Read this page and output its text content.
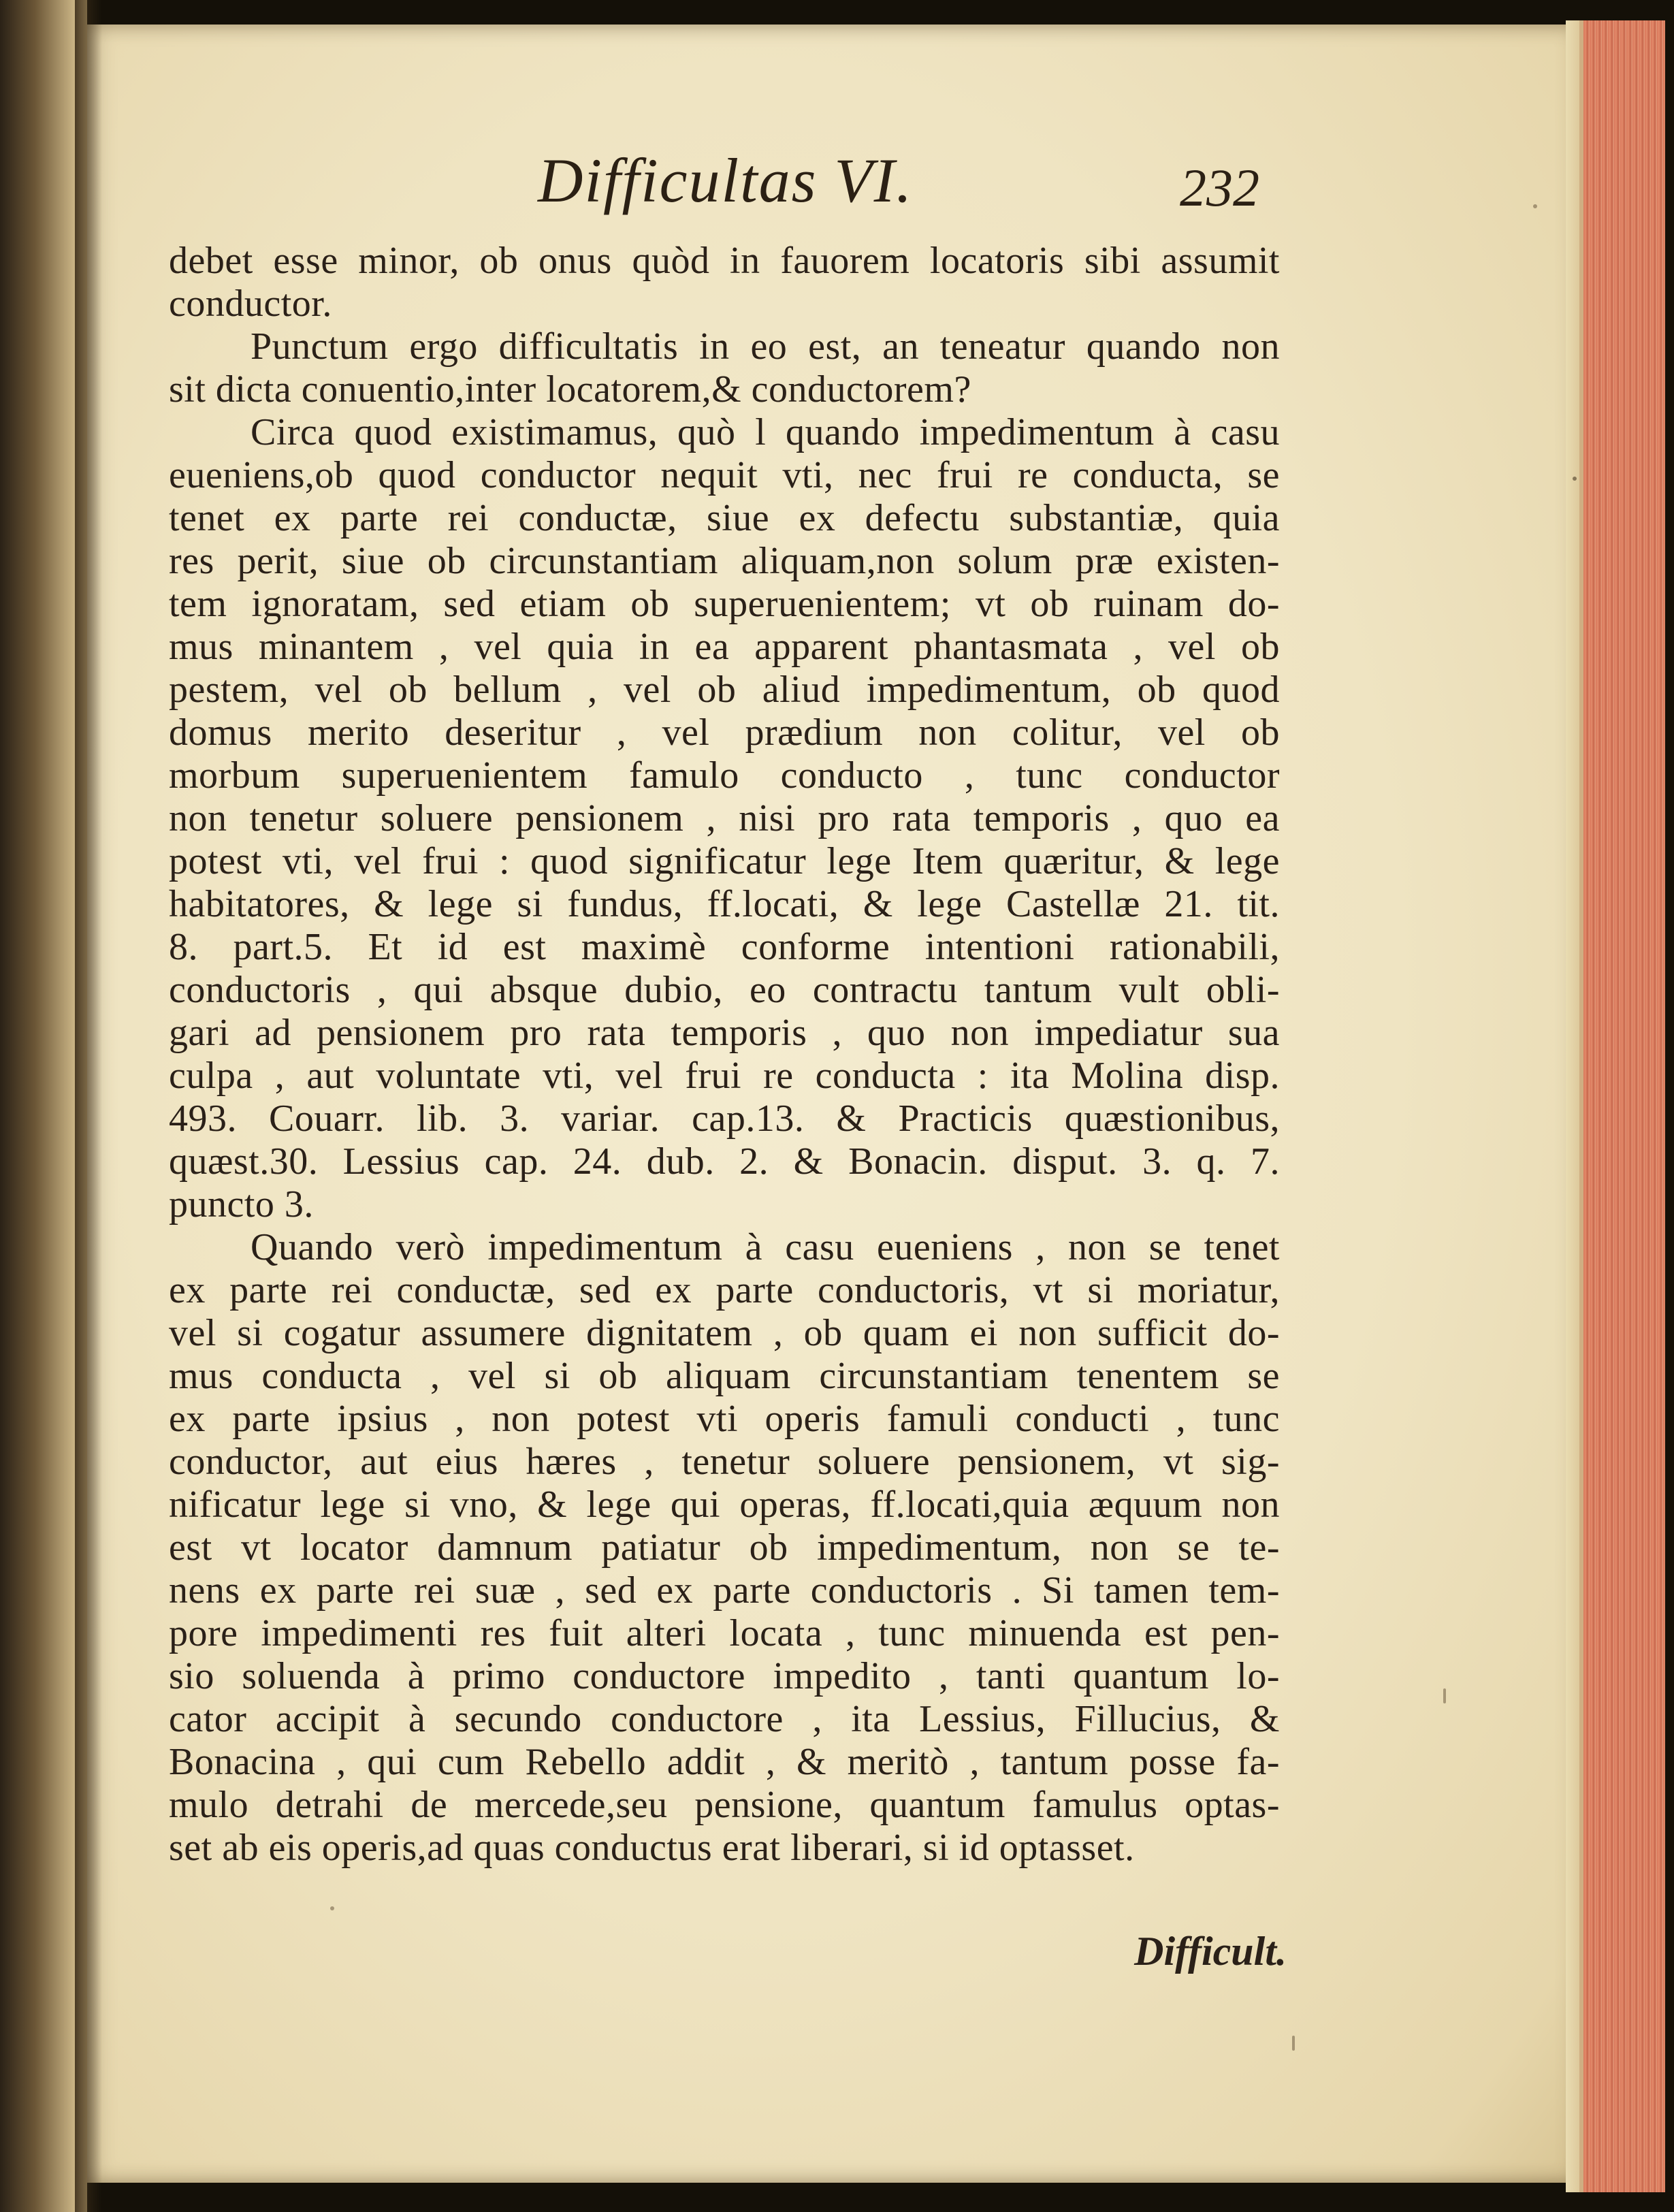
Difficultas VI.	232
debet esse minor, ob onus quòd in fauorem locatoris sibi assumit
conductor.
Punctum ergo difficultatis in eo est, an teneatur quando non
sit dicta conuentio,inter locatorem,& conductorem?
Circa quod existimamus, quò l quando impedimentum à casu
eueniens,ob quod conductor nequit vti, nec frui re conducta, se
tenet ex parte rei conductæ, siue ex defectu substantiæ, quia
res perit, siue ob circunstantiam aliquam,non solum præ existen-
tem ignoratam, sed etiam ob superuenientem; vt ob ruinam do-
mus minantem , vel quia in ea apparent phantasmata , vel ob
pestem, vel ob bellum , vel ob aliud impedimentum, ob quod
domus merito deseritur , vel prædium non colitur, vel ob
morbum superuenientem famulo conducto , tunc conductor
non tenetur soluere pensionem , nisi pro rata temporis , quo ea
potest vti, vel frui : quod significatur lege Item quæritur, & lege
habitatores, & lege si fundus, ff.locati, & lege Castellæ 21. tit.
8. part.5. Et id est maximè conforme intentioni rationabili,
conductoris , qui absque dubio, eo contractu tantum vult obli-
gari ad pensionem pro rata temporis , quo non impediatur sua
culpa , aut voluntate vti, vel frui re conducta : ita Molina disp.
493. Couarr. lib. 3. variar. cap.13. & Practicis quæstionibus,
quæst.30. Lessius cap. 24. dub. 2. & Bonacin. disput. 3. q. 7.
puncto 3.
Quando verò impedimentum à casu eueniens , non se tenet
ex parte rei conductæ, sed ex parte conductoris, vt si moriatur,
vel si cogatur assumere dignitatem , ob quam ei non sufficit do-
mus conducta , vel si ob aliquam circunstantiam tenentem se
ex parte ipsius , non potest vti operis famuli conducti , tunc
conductor, aut eius hæres , tenetur soluere pensionem, vt sig-
nificatur lege si vno, & lege qui operas, ff.locati,quia æquum non
est vt locator damnum patiatur ob impedimentum, non se te-
nens ex parte rei suæ , sed ex parte conductoris . Si tamen tem-
pore impedimenti res fuit alteri locata , tunc minuenda est pen-
sio soluenda à primo conductore impedito , tanti quantum lo-
cator accipit à secundo conductore , ita Lessius, Fillucius, &
Bonacina , qui cum Rebello addit , & meritò , tantum posse fa-
mulo detrahi de mercede,seu pensione, quantum famulus optas-
set ab eis operis,ad quas conductus erat liberari, si id optasset.
Difficult.
